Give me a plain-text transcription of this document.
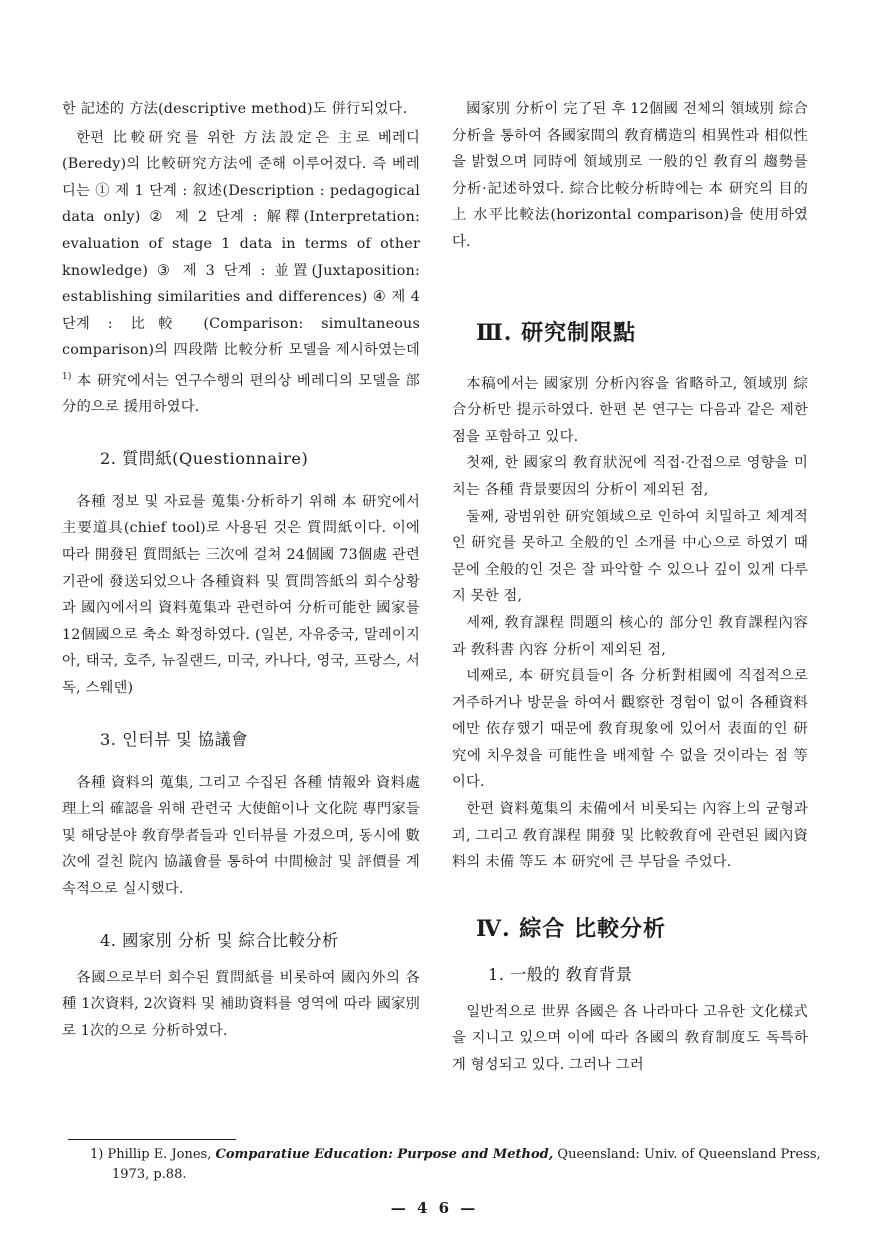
한 記述的 方法(descriptive method)도 併行되었다.

한편 比較研究를 위한 方法設定은 主로 베레디(Beredy)의 比較研究方法에 준해 이루어졌다. 즉 베레디는 ① 제 1 단계 : 叙述(Description : pedagogical data only) ② 제 2 단계 : 解釋(Interpretation: evaluation of stage 1 data in terms of other knowledge) ③ 제 3 단계 : 並置(Juxtaposition: establishing similarities and differences) ④ 제 4 단계 : 比較 (Comparison: simultaneous comparison)의 四段階 比較分析 모델을 제시하였는데$^{1)}$ 本 研究에서는 연구수행의 편의상 베레디의 모델을 部分的으로 援用하였다.

2. 質問紙(Questionnaire)

各種 정보 및 자료를 蒐集·分析하기 위해 本 研究에서 主要道具(chief tool)로 사용된 것은 質問紙이다. 이에 따라 開發된 質問紙는 三次에 걸쳐 24個國 73個處 관련기관에 發送되었으나 各種資料 및 質問答紙의 회수상황과 國內에서의 資料蒐集과 관련하여 分析可能한 國家를 12個國으로 축소 확정하였다. (일본, 자유중국, 말레이지아, 태국, 호주, 뉴질랜드, 미국, 카나다, 영국, 프랑스, 서독, 스웨덴)

3. 인터뷰 및 協議會

各種 資料의 蒐集, 그리고 수집된 各種 情報와 資料處理上의 確認을 위해 관련국 大使館이나 文化院 專門家들 및 해당분야 敎育學者들과 인터뷰를 가졌으며, 동시에 數次에 걸친 院內 協議會를 통하여 中間檢討 및 評價를 계속적으로 실시했다.

4. 國家別 分析 및 綜合比較分析

各國으로부터 회수된 質問紙를 비롯하여 國內外의 各種 1次資料, 2次資料 및 補助資料를 영역에 따라 國家別로 1次的으로 分析하였다.

國家別 分析이 完了된 후 12個國 전체의 領域別 綜合分析을 통하여 各國家間의 敎育構造의 相異性과 相似性을 밝혔으며 同時에 領域別로 一般的인 敎育의 趨勢를 分析·記述하였다. 綜合比較分析時에는 本 研究의 目的上 水平比較法(horizontal comparison)을 使用하였다.

Ⅲ. 研究制限點

本稿에서는 國家別 分析內容을 省略하고, 領域別 綜合分析만 提示하였다. 한편 본 연구는 다음과 같은 제한점을 포함하고 있다.

첫째, 한 國家의 敎育狀況에 직접·간접으로 영향을 미치는 各種 背景要因의 分析이 제외된 점,

둘째, 광범위한 研究領域으로 인하여 치밀하고 체계적인 研究를 못하고 全般的인 소개를 中心으로 하였기 때문에 全般的인 것은 잘 파악할 수 있으나 깊이 있게 다루지 못한 점,

세째, 敎育課程 問題의 核心的 部分인 敎育課程內容과 敎科書 內容 分析이 제외된 점,

네째로, 本 研究員들이 各 分析對相國에 직접적으로 거주하거나 방문을 하여서 觀察한 경험이 없이 各種資料에만 依存했기 때문에 敎育現象에 있어서 表面的인 研究에 치우쳤을 可能性을 배제할 수 없을 것이라는 점 等이다.

한편 資料蒐集의 未備에서 비롯되는 內容上의 균형과괴, 그리고 敎育課程 開發 및 比較敎育에 관련된 國內資料의 未備 等도 本 研究에 큰 부담을 주었다.

Ⅳ. 綜合 比較分析
1. 一般的 敎育背景

일반적으로 世界 各國은 各 나라마다 고유한 文化樣式을 지니고 있으며 이에 따라 各國의 敎育制度도 독특하게 형성되고 있다. 그러나 그러

1) Phillip E. Jones, Comparatiue Education: Purpose and Method, Queensland: Univ. of Queensland Press, 1973, p.88.

— 4 6 —
